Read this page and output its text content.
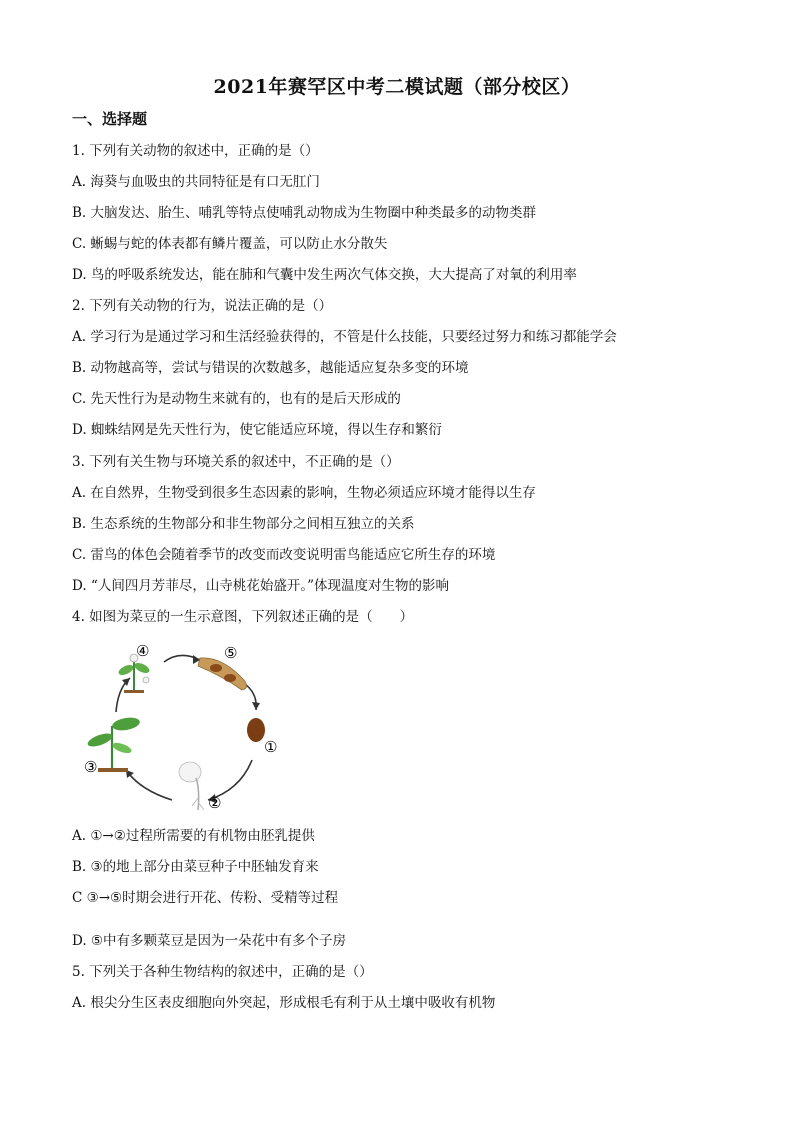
2021年赛罕区中考二模试题（部分校区）
一、选择题
1. 下列有关动物的叙述中，正确的是（）
A. 海葵与血吸虫的共同特征是有口无肛门
B. 大脑发达、胎生、哺乳等特点使哺乳动物成为生物圈中种类最多的动物类群
C. 蜥蜴与蛇的体表都有鳞片覆盖，可以防止水分散失
D. 鸟的呼吸系统发达，能在肺和气囊中发生两次气体交换，大大提高了对氧的利用率
2. 下列有关动物的行为，说法正确的是（）
A. 学习行为是通过学习和生活经验获得的，不管是什么技能，只要经过努力和练习都能学会
B. 动物越高等，尝试与错误的次数越多，越能适应复杂多变的环境
C. 先天性行为是动物生来就有的，也有的是后天形成的
D. 蜘蛛结网是先天性行为，使它能适应环境，得以生存和繁衍
3. 下列有关生物与环境关系的叙述中，不正确的是（）
A. 在自然界，生物受到很多生态因素的影响，生物必须适应环境才能得以生存
B. 生态系统的生物部分和非生物部分之间相互独立的关系
C. 雷鸟的体色会随着季节的改变而改变说明雷鸟能适应它所生存的环境
D. “人间四月芳菲尽，山寺桃花始盛开。”体现温度对生物的影响
4. 如图为菜豆的一生示意图，下列叙述正确的是（　　）
④	⑤
①
②
③
A. ①→②过程所需要的有机物由胚乳提供
B. ③的地上部分由菜豆种子中胚轴发育来
C ③→⑤时期会进行开花、传粉、受精等过程
D. ⑤中有多颗菜豆是因为一朵花中有多个子房
5. 下列关于各种生物结构的叙述中，正确的是（）
A. 根尖分生区表皮细胞向外突起，形成根毛有利于从土壤中吸收有机物
